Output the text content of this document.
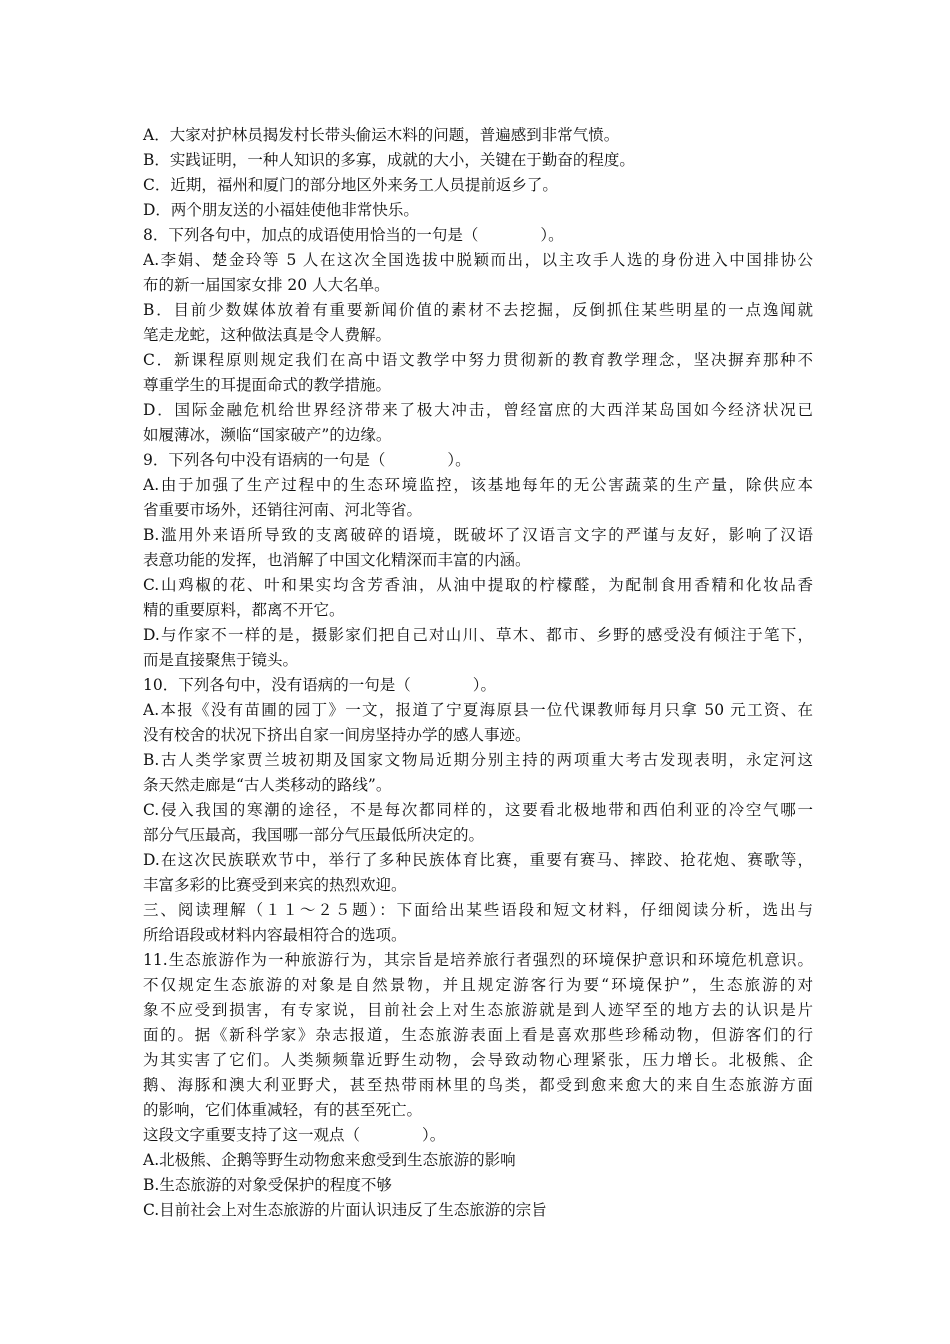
A．大家对护林员揭发村长带头偷运木料的问题，普遍感到非常气愤。
B．实践证明，一种人知识的多寡，成就的大小，关键在于勤奋的程度。
C．近期，福州和厦门的部分地区外来务工人员提前返乡了。
D．两个朋友送的小福娃使他非常快乐。
8．下列各句中，加点的成语使用恰当的一句是（　　　　）。
A.李娟、楚金玲等 5 人在这次全国选拔中脱颖而出，以主攻手人选的身份进入中国排协公
布的新一届国家女排 20 人大名单。
B．目前少数媒体放着有重要新闻价值的素材不去挖掘，反倒抓住某些明星的一点逸闻就
笔走龙蛇，这种做法真是令人费解。
C．新课程原则规定我们在高中语文教学中努力贯彻新的教育教学理念，坚决摒弃那种不
尊重学生的耳提面命式的教学措施。
D．国际金融危机给世界经济带来了极大冲击，曾经富庶的大西洋某岛国如今经济状况已
如履薄冰，濒临“国家破产”的边缘。
9．下列各句中没有语病的一句是（　　　　）。
A.由于加强了生产过程中的生态环境监控，该基地每年的无公害蔬菜的生产量，除供应本
省重要市场外，还销往河南、河北等省。
B.滥用外来语所导致的支离破碎的语境，既破坏了汉语言文字的严谨与友好，影响了汉语
表意功能的发挥，也消解了中国文化精深而丰富的内涵。
C.山鸡椒的花、叶和果实均含芳香油，从油中提取的柠檬醛，为配制食用香精和化妆品香
精的重要原料，都离不开它。
D.与作家不一样的是，摄影家们把自己对山川、草木、都市、乡野的感受没有倾注于笔下，
而是直接聚焦于镜头。
10．下列各句中，没有语病的一句是（　　　　）。
A.本报《没有苗圃的园丁》一文，报道了宁夏海原县一位代课教师每月只拿 50 元工资、在
没有校舍的状况下挤出自家一间房坚持办学的感人事迹。
B.古人类学家贾兰坡初期及国家文物局近期分别主持的两项重大考古发现表明，永定河这
条天然走廊是“古人类移动的路线”。
C.侵入我国的寒潮的途径，不是每次都同样的，这要看北极地带和西伯利亚的冷空气哪一
部分气压最高，我国哪一部分气压最低所决定的。
D.在这次民族联欢节中，举行了多种民族体育比赛，重要有赛马、摔跤、抢花炮、赛歌等，
丰富多彩的比赛受到来宾的热烈欢迎。
三、阅读理解（１１～２５题）：下面给出某些语段和短文材料，仔细阅读分析，选出与
所给语段或材料内容最相符合的选项。
11.生态旅游作为一种旅游行为，其宗旨是培养旅行者强烈的环境保护意识和环境危机意识。
不仅规定生态旅游的对象是自然景物，并且规定游客行为要“环境保护”，生态旅游的对
象不应受到损害，有专家说，目前社会上对生态旅游就是到人迹罕至的地方去的认识是片
面的。据《新科学家》杂志报道，生态旅游表面上看是喜欢那些珍稀动物，但游客们的行
为其实害了它们。人类频频靠近野生动物，会导致动物心理紧张，压力增长。北极熊、企
鹅、海豚和澳大利亚野犬，甚至热带雨林里的鸟类，都受到愈来愈大的来自生态旅游方面
的影响，它们体重减轻，有的甚至死亡。
这段文字重要支持了这一观点（　　　　）。
A.北极熊、企鹅等野生动物愈来愈受到生态旅游的影响
B.生态旅游的对象受保护的程度不够
C.目前社会上对生态旅游的片面认识违反了生态旅游的宗旨
